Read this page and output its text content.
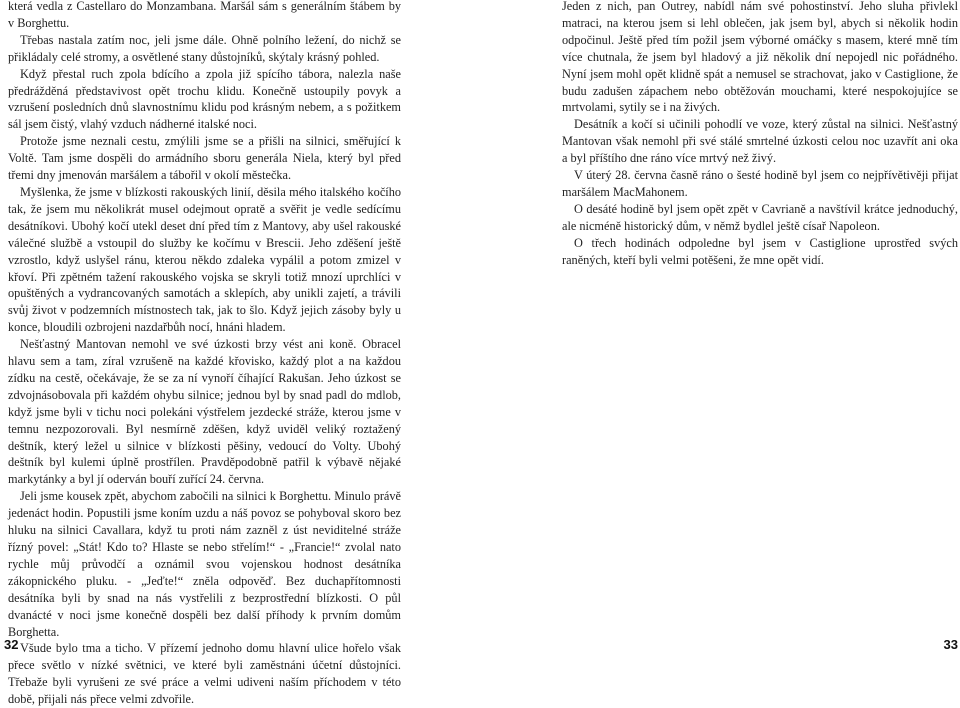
která vedla z Castellaro do Monzambana. Maršál sám s generálním štábem by v Borghettu.

Třebas nastala zatím noc, jeli jsme dále. Ohně polního ležení, do nichž se přikládaly celé stromy, a osvětlené stany důstojníků, skýtaly krásný pohled.

Když přestal ruch zpola bdícího a zpola již spícího tábora, nalezla naše předrážděná představivost opět trochu klidu. Konečně ustoupily povyk a vzrušení posledních dnů slavnostnímu klidu pod krásným nebem, a s požitkem sál jsem čistý, vlahý vzduch nádherné italské noci.

Protože jsme neznali cestu, zmýlili jsme se a přišli na silnici, směřující k Voltě. Tam jsme dospěli do armádního sboru generála Niela, který byl před třemi dny jmenován maršálem a tábořil v okolí městečka.

Myšlenka, že jsme v blízkosti rakouských linií, děsila mého italského kočího tak, že jsem mu několikrát musel odejmout opratě a svěřit je vedle sedícímu desátníkovi. Ubohý kočí utekl deset dní před tím z Mantovy, aby ušel rakouské válečné službě a vstoupil do služby ke kočímu v Brescii. Jeho zděšení ještě vzrostlo, když uslyšel ránu, kterou někdo zdaleka vypálil a potom zmizel v křoví. Při zpětném tažení rakouského vojska se skryli totiž mnozí uprchlíci v opuštěných a vydrancovaných samotách a sklepích, aby unikli zajetí, a trávili svůj život v podzemních místnostech tak, jak to šlo. Když jejich zásoby byly u konce, bloudili ozbrojeni nazdařbůh nocí, hnáni hladem.

Nešťastný Mantovan nemohl ve své úzkosti brzy vést ani koně. Obracel hlavu sem a tam, zíral vzrušeně na každé křovisko, každý plot a na každou zídku na cestě, očekávaje, že se za ní vynoří číhající Rakušan. Jeho úzkost se zdvojnásobovala při každém ohybu silnice; jednou byl by snad padl do mdlob, když jsme byli v tichu noci polekáni výstřelem jezdecké stráže, kterou jsme v temnu nezpozorovali. Byl nesmírně zděšen, když uviděl veliký roztažený deštník, který ležel u silnice v blízkosti pěšiny, vedoucí do Volty. Ubohý deštník byl kulemi úplně prostřílen. Pravděpodobně patřil k výbavě nějaké markytánky a byl jí oderván bouří zuřící 24. června.

Jeli jsme kousek zpět, abychom zabočili na silnici k Borghettu. Minulo právě jedenáct hodin. Popustili jsme koním uzdu a náš povoz se pohyboval skoro bez hluku na silnici Cavallara, když tu proti nám zazněl z úst neviditelné stráže řízný povel: „Stát! Kdo to? Hlaste se nebo střelím!“ - „Francie!“ zvolal nato rychle můj průvodčí a oznámil svou vojenskou hodnost desátníka zákopnického pluku. - „Jeďte!“ zněla odpověď. Bez duchapřítomnosti desátníka byli by snad na nás vystřelili z bezprostřední blízkosti. O půl dvanácté v noci jsme konečně dospěli bez další příhody k prvním domům Borghetta.

Všude bylo tma a ticho. V přízemí jednoho domu hlavní ulice hořelo však přece světlo v nízké světnici, ve které byli zaměstnáni účetní důstojníci. Třebaže byli vyrušeni ze své práce a velmi udiveni naším příchodem v této době, přijali nás přece velmi zdvořile.

32

Jeden z nich, pan Outrey, nabídl nám své pohostinství. Jeho sluha přivlekl matraci, na kterou jsem si lehl oblečen, jak jsem byl, abych si několik hodin odpočinul. Ještě před tím požil jsem výborné omáčky s masem, které mně tím více chutnala, že jsem byl hladový a již několik dní nepojedl nic pořádného. Nyní jsem mohl opět klidně spát a nemusel se strachovat, jako v Castiglione, že budu zadušen zápachem nebo obtěžován mouchami, které nespokojujíce se mrtvolami, sytily se i na živých.

Desátník a kočí si učinili pohodlí ve voze, který zůstal na silnici. Nešťastný Mantovan však nemohl při své stálé smrtelné úzkosti celou noc uzavřít ani oka a byl příštího dne ráno více mrtvý než živý.

V úterý 28. června časně ráno o šesté hodině byl jsem co nejpřívětivěji přijat maršálem MacMahonem.

O desáté hodině byl jsem opět zpět v Cavrianě a navštívil krátce jednoduchý, ale nicméně historický dům, v němž bydlel ještě císař Napoleon.

O třech hodinách odpoledne byl jsem v Castiglione uprostřed svých raněných, kteří byli velmi potěšeni, že mne opět vidí.

33
